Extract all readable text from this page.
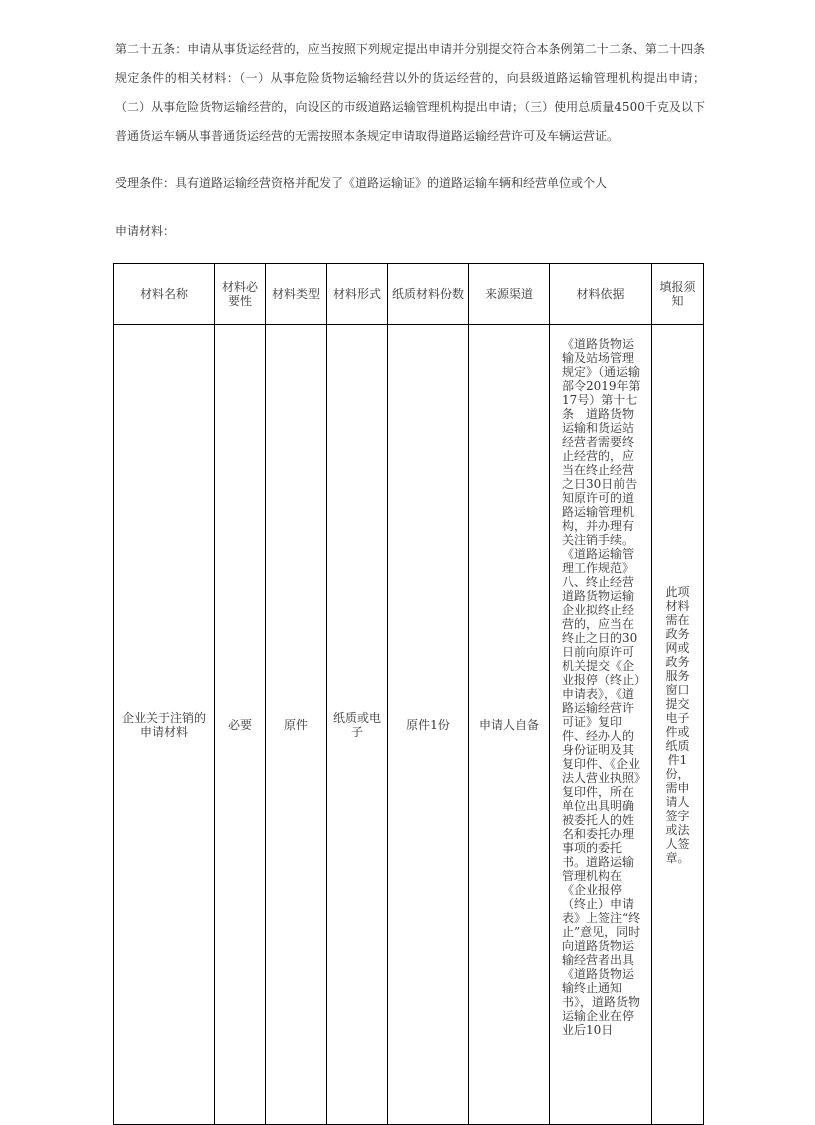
第二十五条：申请从事货运经营的，应当按照下列规定提出申请并分别提交符合本条例第二十二条、第二十四条规定条件的相关材料：（一）从事危险货物运输经营以外的货运经营的，向县级道路运输管理机构提出申请；（二）从事危险货物运输经营的，向设区的市级道路运输管理机构提出申请；（三）使用总质量4500千克及以下普通货运车辆从事普通货运经营的无需按照本条规定申请取得道路运输经营许可及车辆运营证。

受理条件：具有道路运输经营资格并配发了《道路运输证》的道路运输车辆和经营单位或个人

申请材料：

材料名称	材料必要性	材料类型	材料形式	纸质材料份数	来源渠道	材料依据	填报须知
企业关于注销的申请材料	必要	原件	纸质或电子	原件1份	申请人自备	《道路货物运输及站场管理规定》（通运输部令2019年第17号）第十七条　道路货物运输和货运站经营者需要终止经营的，应当在终止经营之日30日前告知原许可的道路运输管理机构，并办理有关注销手续。《道路运输管理工作规范》八、终止经营 道路货物运输企业拟终止经营的，应当在终止之日的30日前向原许可机关提交《企业报停（终止）申请表》，《道路运输经营许可证》复印件、经办人的身份证明及其复印件、《企业法人营业执照》复印件，所在单位出具明确被委托人的姓名和委托办理事项的委托书。道路运输管理机构在《企业报停（终止）申请表》上签注“终止”意见，同时向道路货物运输经营者出具《道路货物运输终止通知书》，道路货物运输企业在停业后10日	此项材料需在政务网或政务服务窗口提交电子件或纸质件1份，需申请人签字或法人签章。
